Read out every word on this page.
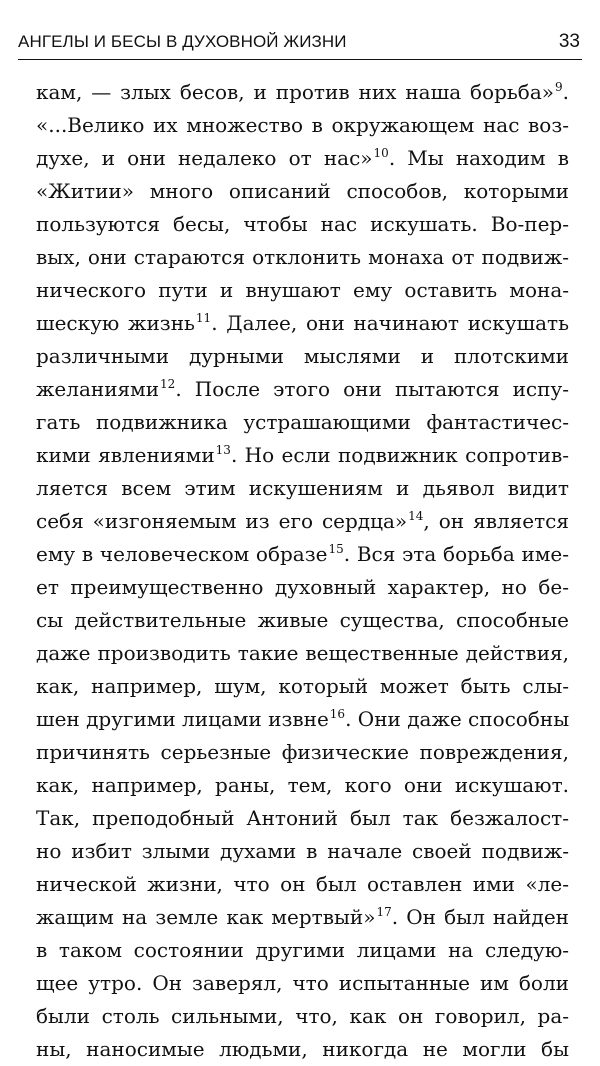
АНГЕЛЫ И БЕСЫ В ДУХОВНОЙ ЖИЗНИ	33
кам, — злых бесов, и против них наша борьба»$^9$.
«...Велико их множество в окружающем нас воз-
духе, и они недалеко от нас»$^{10}$. Мы находим в
«Житии» много описаний способов, которыми
пользуются бесы, чтобы нас искушать. Во-пер-
вых, они стараются отклонить монаха от подвиж-
нического пути и внушают ему оставить мона-
шескую жизнь$^{11}$. Далее, они начинают искушать
различными дурными мыслями и плотскими
желаниями$^{12}$. После этого они пытаются испу-
гать подвижника устрашающими фантастичес-
кими явлениями$^{13}$. Но если подвижник сопротив-
ляется всем этим искушениям и дьявол видит
себя «изгоняемым из его сердца»$^{14}$, он является
ему в человеческом образе$^{15}$. Вся эта борьба име-
ет преимущественно духовный характер, но бе-
сы действительные живые существа, способные
даже производить такие вещественные действия,
как, например, шум, который может быть слы-
шен другими лицами извне$^{16}$. Они даже способны
причинять серьезные физические повреждения,
как, например, раны, тем, кого они искушают.
Так, преподобный Антоний был так безжалост-
но избит злыми духами в начале своей подвиж-
нической жизни, что он был оставлен ими «ле-
жащим на земле как мертвый»$^{17}$. Он был найден
в таком состоянии другими лицами на следую-
щее утро. Он заверял, что испытанные им боли
были столь сильными, что, как он говорил, ра-
ны, наносимые людьми, никогда не могли бы
